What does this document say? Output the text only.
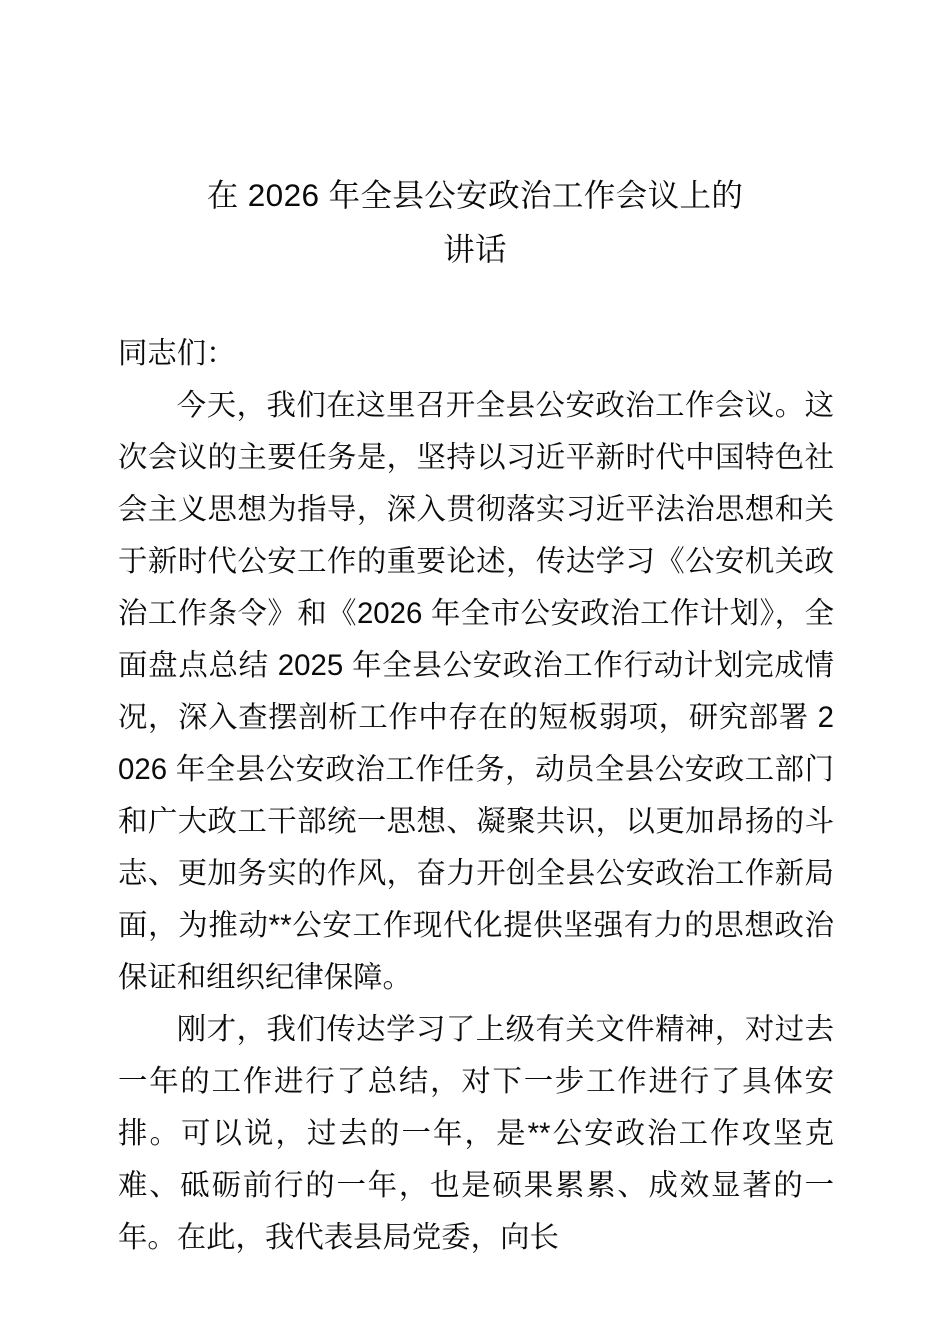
在 2026 年全县公安政治工作会议上的
讲话

同志们：

今天，我们在这里召开全县公安政治工作会议。这次会议的主要任务是，坚持以习近平新时代中国特色社会主义思想为指导，深入贯彻落实习近平法治思想和关于新时代公安工作的重要论述，传达学习《公安机关政治工作条令》和《2026 年全市公安政治工作计划》，全面盘点总结 2025 年全县公安政治工作行动计划完成情况，深入查摆剖析工作中存在的短板弱项，研究部署 2026 年全县公安政治工作任务，动员全县公安政工部门和广大政工干部统一思想、凝聚共识，以更加昂扬的斗志、更加务实的作风，奋力开创全县公安政治工作新局面，为推动**公安工作现代化提供坚强有力的思想政治保证和组织纪律保障。

刚才，我们传达学习了上级有关文件精神，对过去一年的工作进行了总结，对下一步工作进行了具体安排。可以说，过去的一年，是**公安政治工作攻坚克难、砥砺前行的一年，也是硕果累累、成效显著的一年。在此，我代表县局党委，向长
